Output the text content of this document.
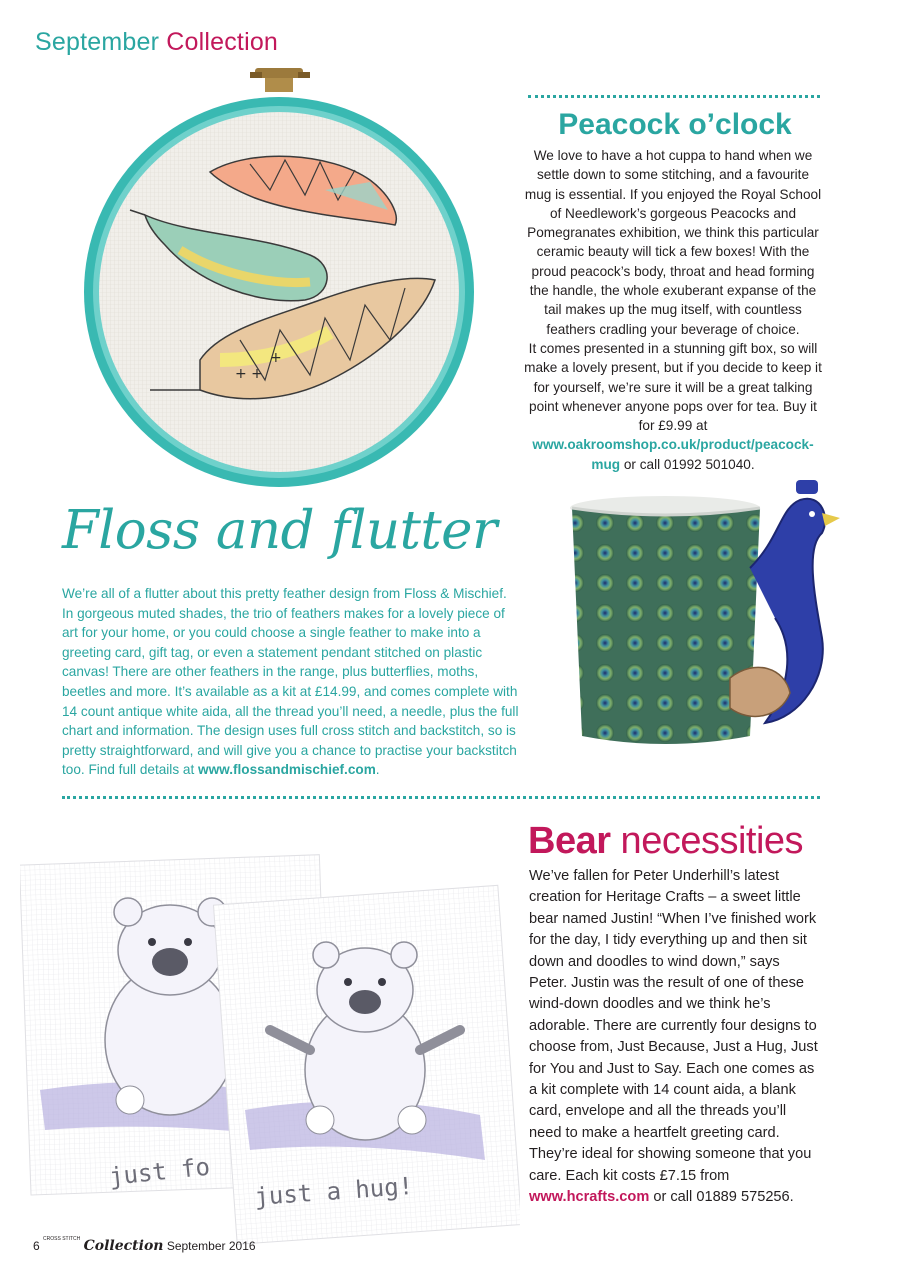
September Collection
+ +
+
Peacock o’clock

We love to have a hot cuppa to hand when we settle down to some stitching, and a favourite mug is essential. If you enjoyed the Royal School of Needlework’s gorgeous Peacocks and Pomegranates exhibition, we think this particular ceramic beauty will tick a few boxes! With the proud peacock’s body, throat and head forming the handle, the whole exuberant expanse of the tail makes up the mug itself, with countless feathers cradling your beverage of choice.

It comes presented in a stunning gift box, so will make a lovely present, but if you decide to keep it for yourself, we’re sure it will be a great talking point whenever anyone pops over for tea. Buy it for £9.99 at www.oakroomshop.co.uk/product/peacock-mug or call 01992 501040.

Floss and flutter
We’re all of a flutter about this pretty feather design from Floss & Mischief. In gorgeous muted shades, the trio of feathers makes for a lovely piece of art for your home, or you could choose a single feather to make into a greeting card, gift tag, or even a statement pendant stitched on plastic canvas! There are other feathers in the range, plus butterflies, moths, beetles and more. It’s available as a kit at £14.99, and comes complete with 14 count antique white aida, all the thread you’ll need, a needle, plus the full chart and information. The design uses full cross stitch and backstitch, so is pretty straightforward, and will give you a chance to practise your backstitch too. Find full details at www.flossandmischief.com.
just fo
just a hug!
Bear necessities
We’ve fallen for Peter Underhill’s latest creation for Heritage Crafts – a sweet little bear named Justin! “When I’ve finished work for the day, I tidy everything up and then sit down and doodles to wind down,” says Peter. Justin was the result of one of these wind-down doodles and we think he’s adorable. There are currently four designs to choose from, Just Because, Just a Hug, Just for You and Just to Say. Each one comes as a kit complete with 14 count aida, a blank card, envelope and all the threads you’ll need to make a heartfelt greeting card. They’re ideal for showing someone that you care. Each kit costs £7.15 from www.hcrafts.com or call 01889 575256.
6 $^{CROSS STITCH}$ Collection September 2016
